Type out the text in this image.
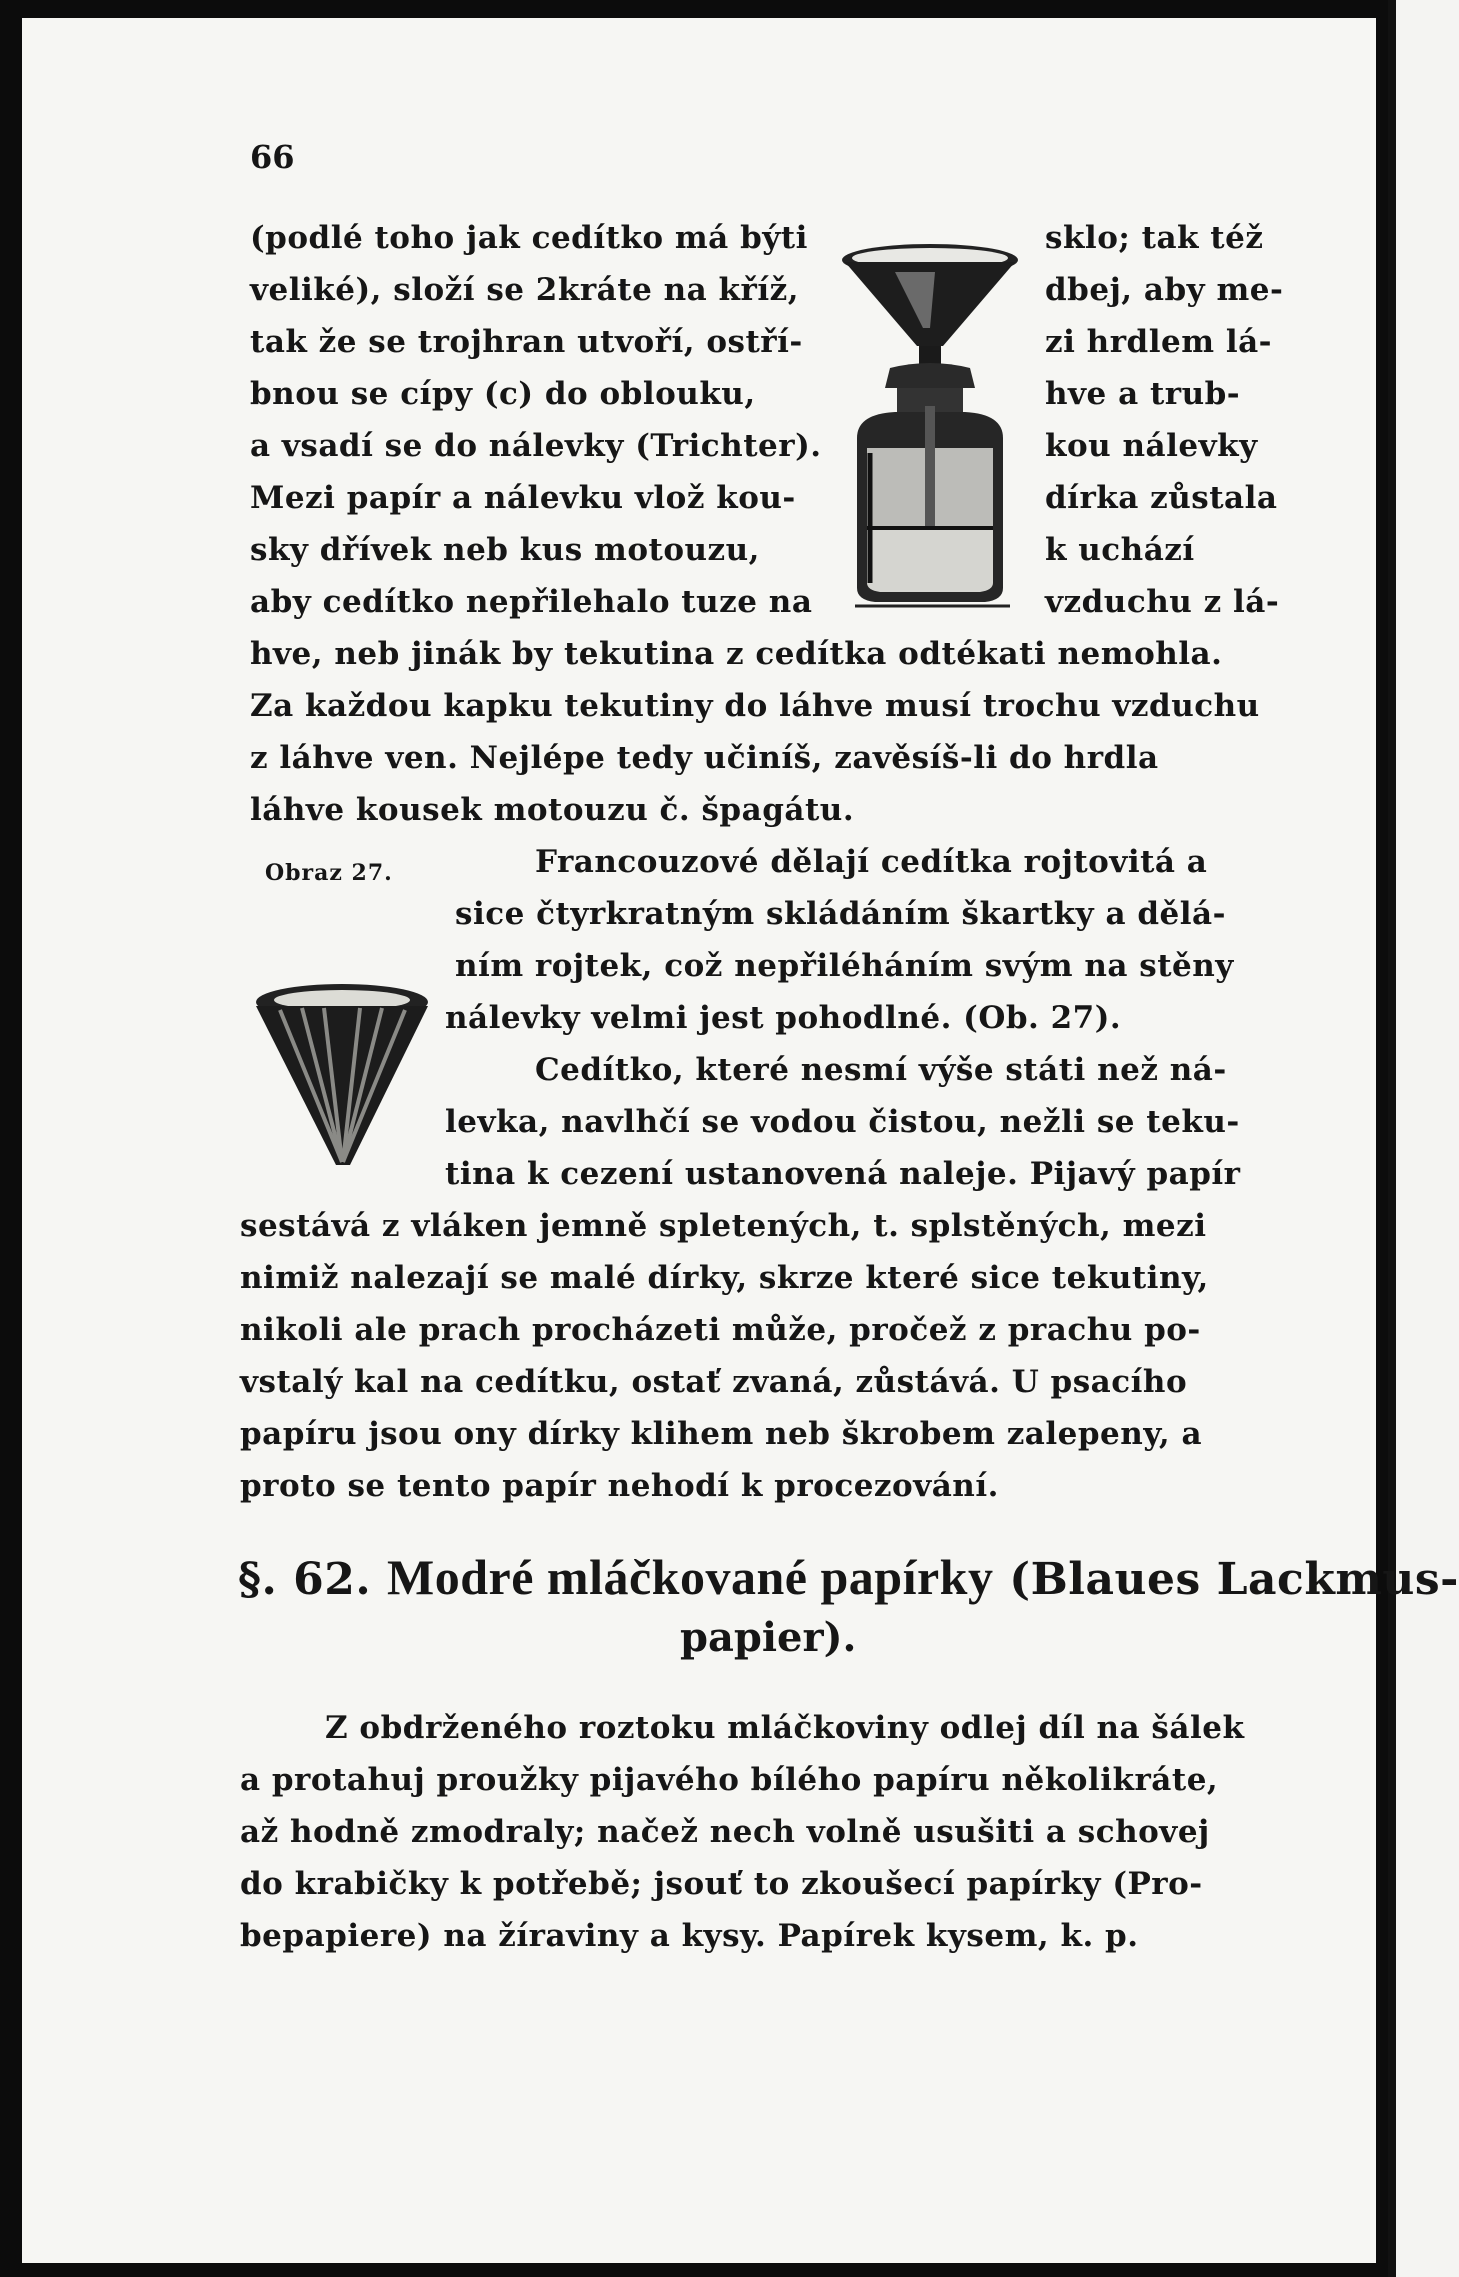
66
Obraz 27.
(podlé toho jak cedítko má býti
veliké), složí se 2kráte na kříž,
tak že se trojhran utvoří, ostří-
bnou se cípy (c) do oblouku,
a vsadí se do nálevky (Trichter).
Mezi papír a nálevku vlož kou-
sky dřívek neb kus motouzu,
aby cedítko nepřilehalo tuze na
sklo; tak též
dbej, aby me-
zi hrdlem lá-
hve a trub-
kou nálevky
dírka zůstala
k uchází
vzduchu z lá-
hve, neb jinák by tekutina z cedítka odtékati nemohla.
Za každou kapku tekutiny do láhve musí trochu vzduchu
z láhve ven. Nejlépe tedy učiníš, zavěsíš-li do hrdla
láhve kousek motouzu č. špagátu.
Francouzové dělají cedítka rojtovitá a
sice čtyrkratným skládáním škartky a dělá-
ním rojtek, což nepřiléháním svým na stěny
nálevky velmi jest pohodlné. (Ob. 27).
Cedítko, které nesmí výše státi než ná-
levka, navlhčí se vodou čistou, nežli se teku-
tina k cezení ustanovená naleje. Pijavý papír
sestává z vláken jemně spletených, t. splstěných, mezi
nimiž nalezají se malé dírky, skrze které sice tekutiny,
nikoli ale prach procházeti může, pročež z prachu po-
vstalý kal na cedítku, ostať zvaná, zůstává. U psacího
papíru jsou ony dírky klihem neb škrobem zalepeny, a
proto se tento papír nehodí k procezování.
§. 62. Modré mláčkované papírky (Blaues Lackmus-
papier).
Z obdrženého roztoku mláčkoviny odlej díl na šálek
a protahuj proužky pijavého bílého papíru několikráte,
až hodně zmodraly; načež nech volně usušiti a schovej
do krabičky k potřebě; jsouť to zkoušecí papírky (Pro-
bepapiere) na žíraviny a kysy. Papírek kysem, k. p.
